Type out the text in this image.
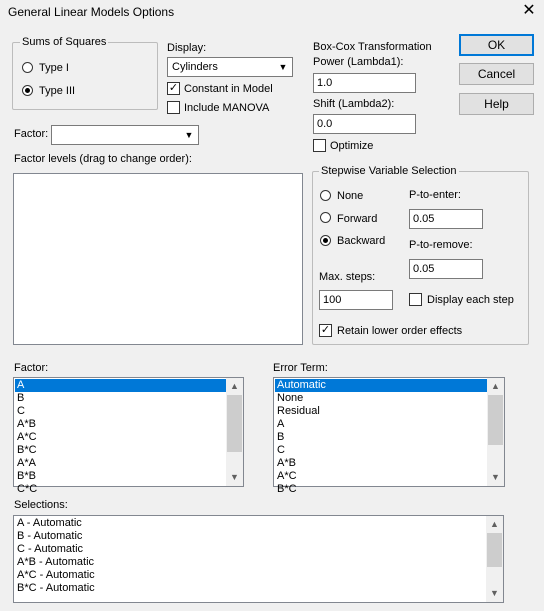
General Linear Models Options	✕
OK
Cancel
Help
Sums of Squares
Type I
Type III
Display:
Cylinders	▼
✓ Constant in Model
Include MANOVA
Box-Cox Transformation
Power (Lambda1):
1.0
Shift (Lambda2):
0.0
Optimize
Factor:	▼
Factor levels (drag to change order):
Stepwise Variable Selection
None
Forward
Backward
P-to-enter:
0.05
P-to-remove:
0.05
Max. steps:
100	Display each step
✓ Retain lower order effects
Factor:
A
B
C
A*B
A*C
B*C
A*A
B*B
C*C
▲
▼
Error Term:
Automatic
None
Residual
A
B
C
A*B
A*C
B*C
▲
▼
Selections:
A - Automatic
B - Automatic
C - Automatic
A*B - Automatic
A*C - Automatic
B*C - Automatic
▲
▼
